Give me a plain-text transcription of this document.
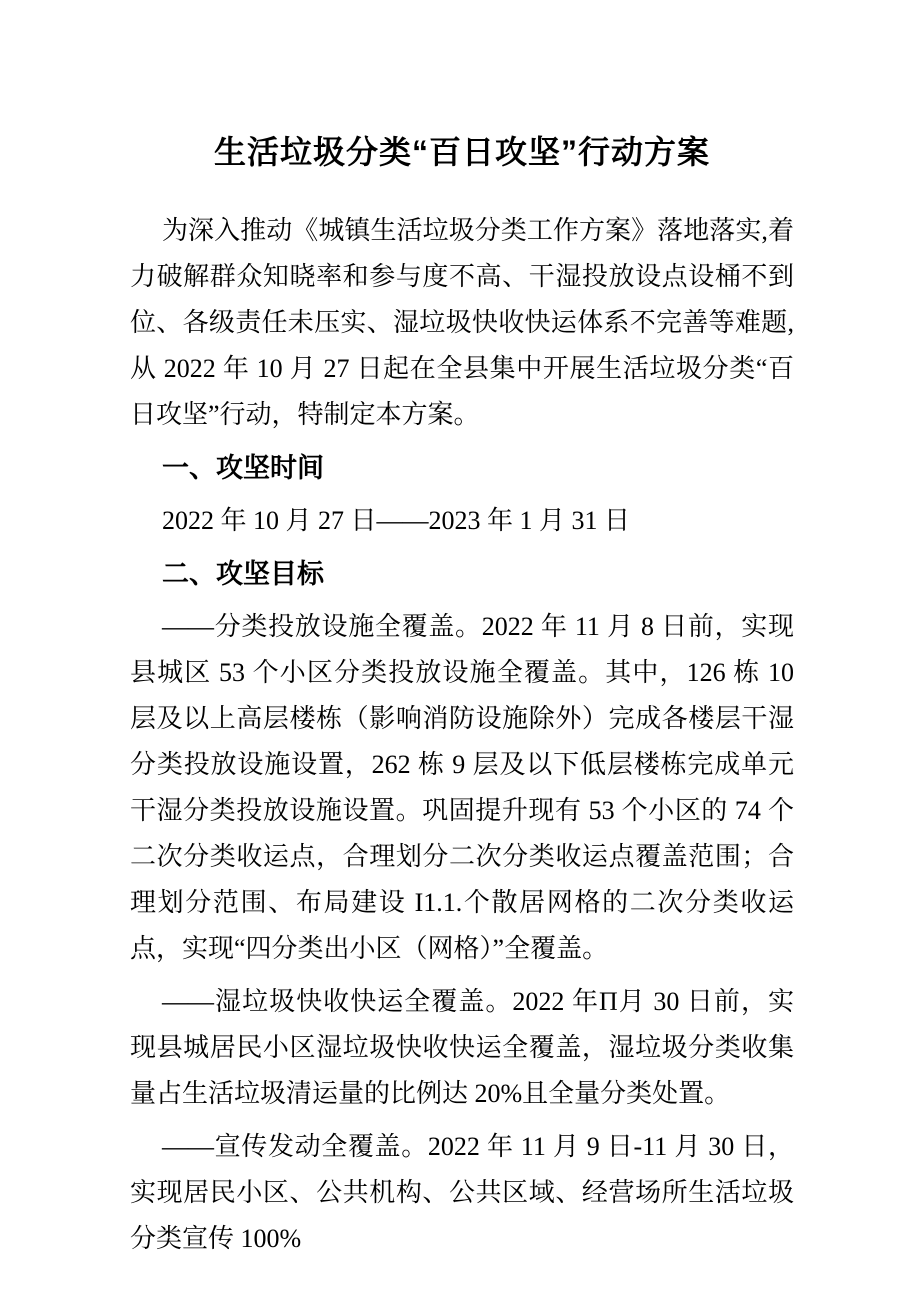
生活垃圾分类“百日攻坚”行动方案

为深入推动《城镇生活垃圾分类工作方案》落地落实,着力破解群众知晓率和参与度不高、干湿投放设点设桶不到位、各级责任未压实、湿垃圾快收快运体系不完善等难题,从 2022 年 10 月 27 日起在全县集中开展生活垃圾分类“百日攻坚”行动，特制定本方案。

一、攻坚时间

2022 年 10 月 27 日——2023 年 1 月 31 日

二、攻坚目标

——分类投放设施全覆盖。2022 年 11 月 8 日前，实现县城区 53 个小区分类投放设施全覆盖。其中，126 栋 10 层及以上高层楼栋（影响消防设施除外）完成各楼层干湿分类投放设施设置，262 栋 9 层及以下低层楼栋完成单元干湿分类投放设施设置。巩固提升现有 53 个小区的 74 个二次分类收运点，合理划分二次分类收运点覆盖范围；合理划分范围、布局建设 I1.1.个散居网格的二次分类收运点，实现“四分类出小区（网格）”全覆盖。

——湿垃圾快收快运全覆盖。2022 年Π月 30 日前，实现县城居民小区湿垃圾快收快运全覆盖，湿垃圾分类收集量占生活垃圾清运量的比例达 20%且全量分类处置。

——宣传发动全覆盖。2022 年 11 月 9 日-11 月 30 日，实现居民小区、公共机构、公共区域、经营场所生活垃圾分类宣传 100%
